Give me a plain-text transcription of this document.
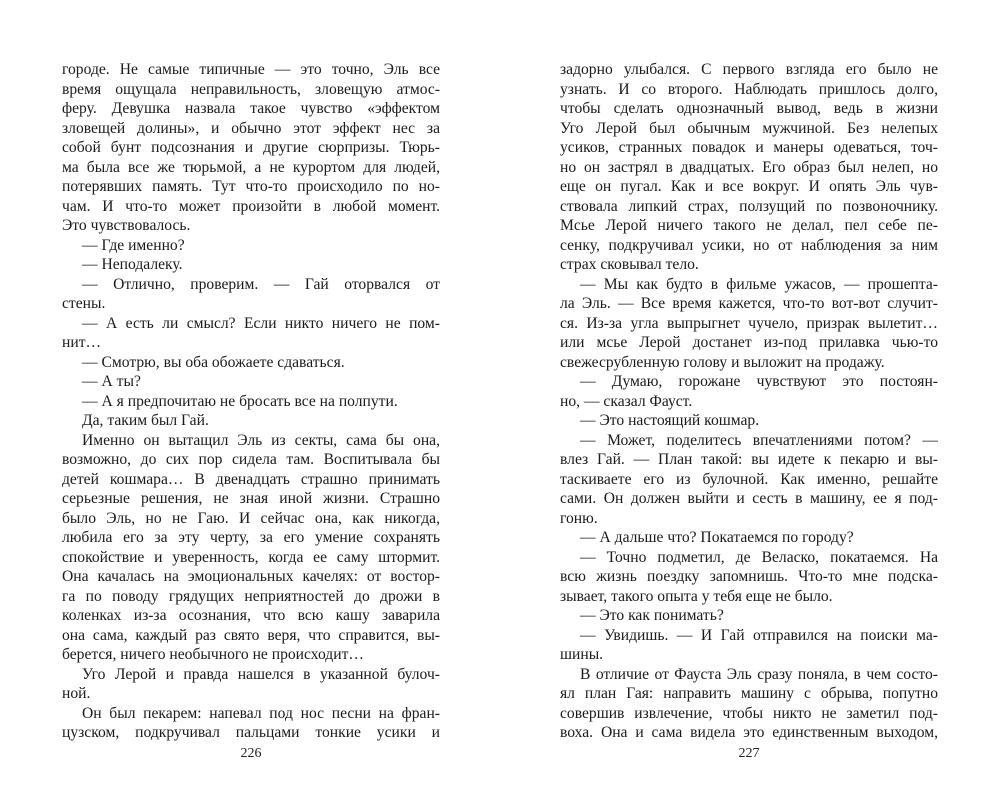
городе. Не самые типичные — это точно, Эль все
время ощущала неправильность, зловещую атмос-
феру. Девушка назвала такое чувство «эффектом
зловещей долины», и обычно этот эффект нес за
собой бунт подсознания и другие сюрпризы. Тюрь-
ма была все же тюрьмой, а не курортом для людей,
потерявших память. Тут что-то происходило по но-
чам. И что-то может произойти в любой момент.
Это чувствовалось.
— Где именно?
— Неподалеку.
— Отлично, проверим. — Гай оторвался от
стены.
— А есть ли смысл? Если никто ничего не пом-
нит…
— Смотрю, вы оба обожаете сдаваться.
— А ты?
— А я предпочитаю не бросать все на полпути.
Да, таким был Гай.
Именно он вытащил Эль из секты, сама бы она,
возможно, до сих пор сидела там. Воспитывала бы
детей кошмара… В двенадцать страшно принимать
серьезные решения, не зная иной жизни. Страшно
было Эль, но не Гаю. И сейчас она, как никогда,
любила его за эту черту, за его умение сохранять
спокойствие и уверенность, когда ее саму штормит.
Она качалась на эмоциональных качелях: от востор-
га по поводу грядущих неприятностей до дрожи в
коленках из-за осознания, что всю кашу заварила
она сама, каждый раз свято веря, что справится, вы-
берется, ничего необычного не происходит…
Уго Лерой и правда нашелся в указанной булоч-
ной.
Он был пекарем: напевал под нос песни на фран-
цузском, подкручивал пальцами тонкие усики и
226
задорно улыбался. С первого взгляда его было не
узнать. И со второго. Наблюдать пришлось долго,
чтобы сделать однозначный вывод, ведь в жизни
Уго Лерой был обычным мужчиной. Без нелепых
усиков, странных повадок и манеры одеваться, точ-
но он застрял в двадцатых. Его образ был нелеп, но
еще он пугал. Как и все вокруг. И опять Эль чув-
ствовала липкий страх, ползущий по позвоночнику.
Мсье Лерой ничего такого не делал, пел себе пе-
сенку, подкручивал усики, но от наблюдения за ним
страх сковывал тело.
— Мы как будто в фильме ужасов, — прошепта-
ла Эль. — Все время кажется, что-то вот-вот случит-
ся. Из-за угла выпрыгнет чучело, призрак вылетит…
или мсье Лерой достанет из-под прилавка чью-то
свежесрубленную голову и выложит на продажу.
— Думаю, горожане чувствуют это постоян-
но, — сказал Фауст.
— Это настоящий кошмар.
— Может, поделитесь впечатлениями потом? —
влез Гай. — План такой: вы идете к пекарю и вы-
таскиваете его из булочной. Как именно, решайте
сами. Он должен выйти и сесть в машину, ее я под-
гоню.
— А дальше что? Покатаемся по городу?
— Точно подметил, де Веласко, покатаемся. На
всю жизнь поездку запомнишь. Что-то мне подска-
зывает, такого опыта у тебя еще не было.
— Это как понимать?
— Увидишь. — И Гай отправился на поиски ма-
шины.
В отличие от Фауста Эль сразу поняла, в чем состо-
ял план Гая: направить машину с обрыва, попутно
совершив извлечение, чтобы никто не заметил под-
воха. Она и сама видела это единственным выходом,
227
